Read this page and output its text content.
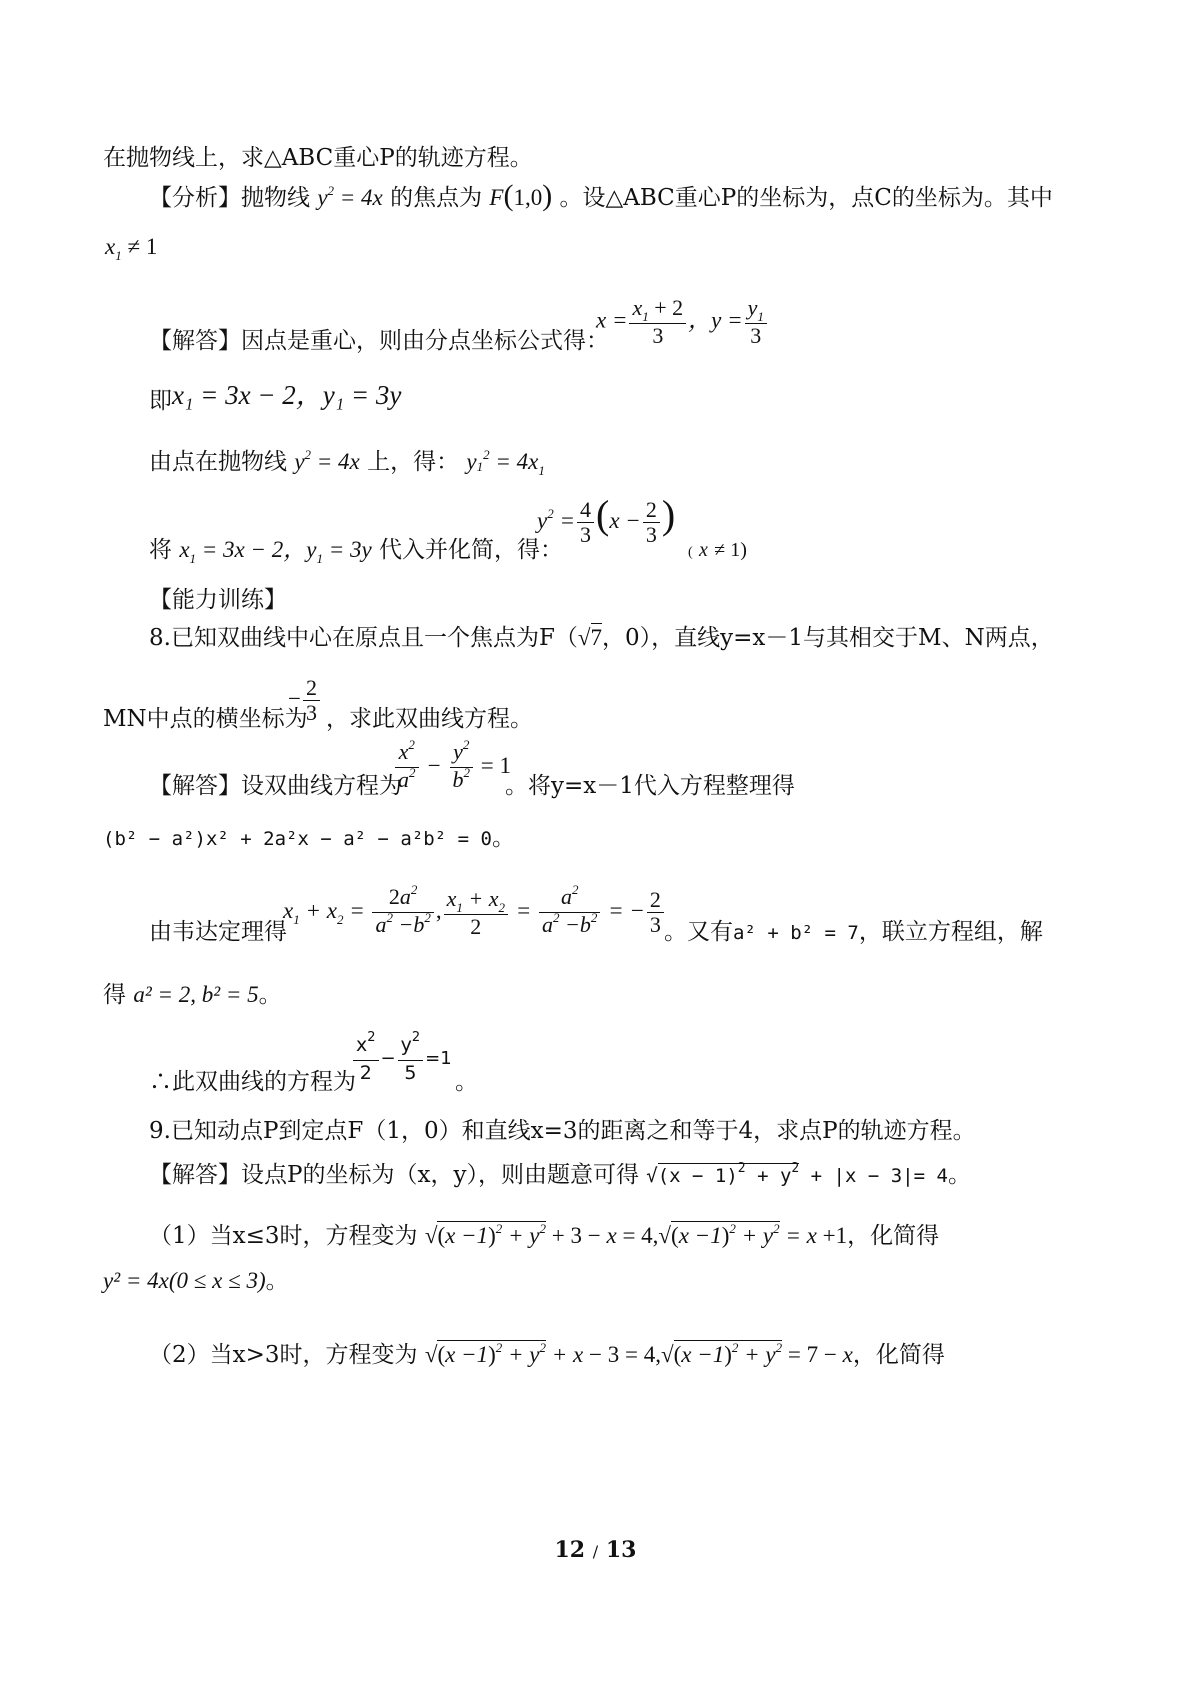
在抛物线上，求△ABC重心P的轨迹方程。
【分析】抛物线 $y^2 = 4x$ 的焦点为 F(1,0) 。设△ABC重心P的坐标为，点C的坐标为。其中
$x_1 \ne 1$
【解答】因点是重心，则由分点坐标公式得：
$x = \frac{x_1 + 2}{3}$ ，$y = \frac{y_1}{3}$
即 x₁ = 3x − 2，y₁ = 3y
由点在抛物线 $y^2 = 4x$ 上，得： $y1^2 = 4x_1$
将 $x_1 = 3x - 2$，$y_1 = 3y$ 代入并化简，得：
$y^2 = \frac{4}{3} (x - \frac{2}{3}$ )
( x ≠ 1)
【能力训练】
8.已知双曲线中心在原点且一个焦点为F（√7，0），直线y=x－1与其相交于M、N两点，
MN中点的横坐标为
− $\frac{2}{3}$ ，求此双曲线方程。
【解答】设双曲线方程为
$\frac{x^2}{a^2} - \frac{y^2}{b^2} = 1$
。将y=x－1代入方程整理得
(b² − a²)x² + 2a²x − a² − a²b² = 0。
由韦达定理得
$x_1 + x_2 = \frac{2a^2}{a^2 -b^2}$ , $\frac{x_1 + x_2}{2} = \frac{a^2}{a^2 -b^2}$ = − $\frac{2}{3}$ 。又有a² + b² = 7，联立方程组，解
得 a² = 2, b² = 5。
∴此双曲线的方程为
$\frac{x^2}{2} - \frac{y^2}{5} =1$
。
9.已知动点P到定点F（1，0）和直线x=3的距离之和等于4，求点P的轨迹方程。
【解答】设点P的坐标为（x，y），则由题意可得 $√(x - 1)^2 + y^2 + |x - 3|= 4$。
（1）当x≤3时，方程变为 $√(x -1)^2 + y^2 + 3 - x = 4,√(x -1)^2 + y^2 = x +1$，化简得
y² = 4x(0 ≤ x ≤ 3)。
（2）当x>3时，方程变为 $√(x -1)^2 + y^2 + x - 3 = 4,√(x -1)^2 + y^2 = 7 - x$，化简得
12 / 13
